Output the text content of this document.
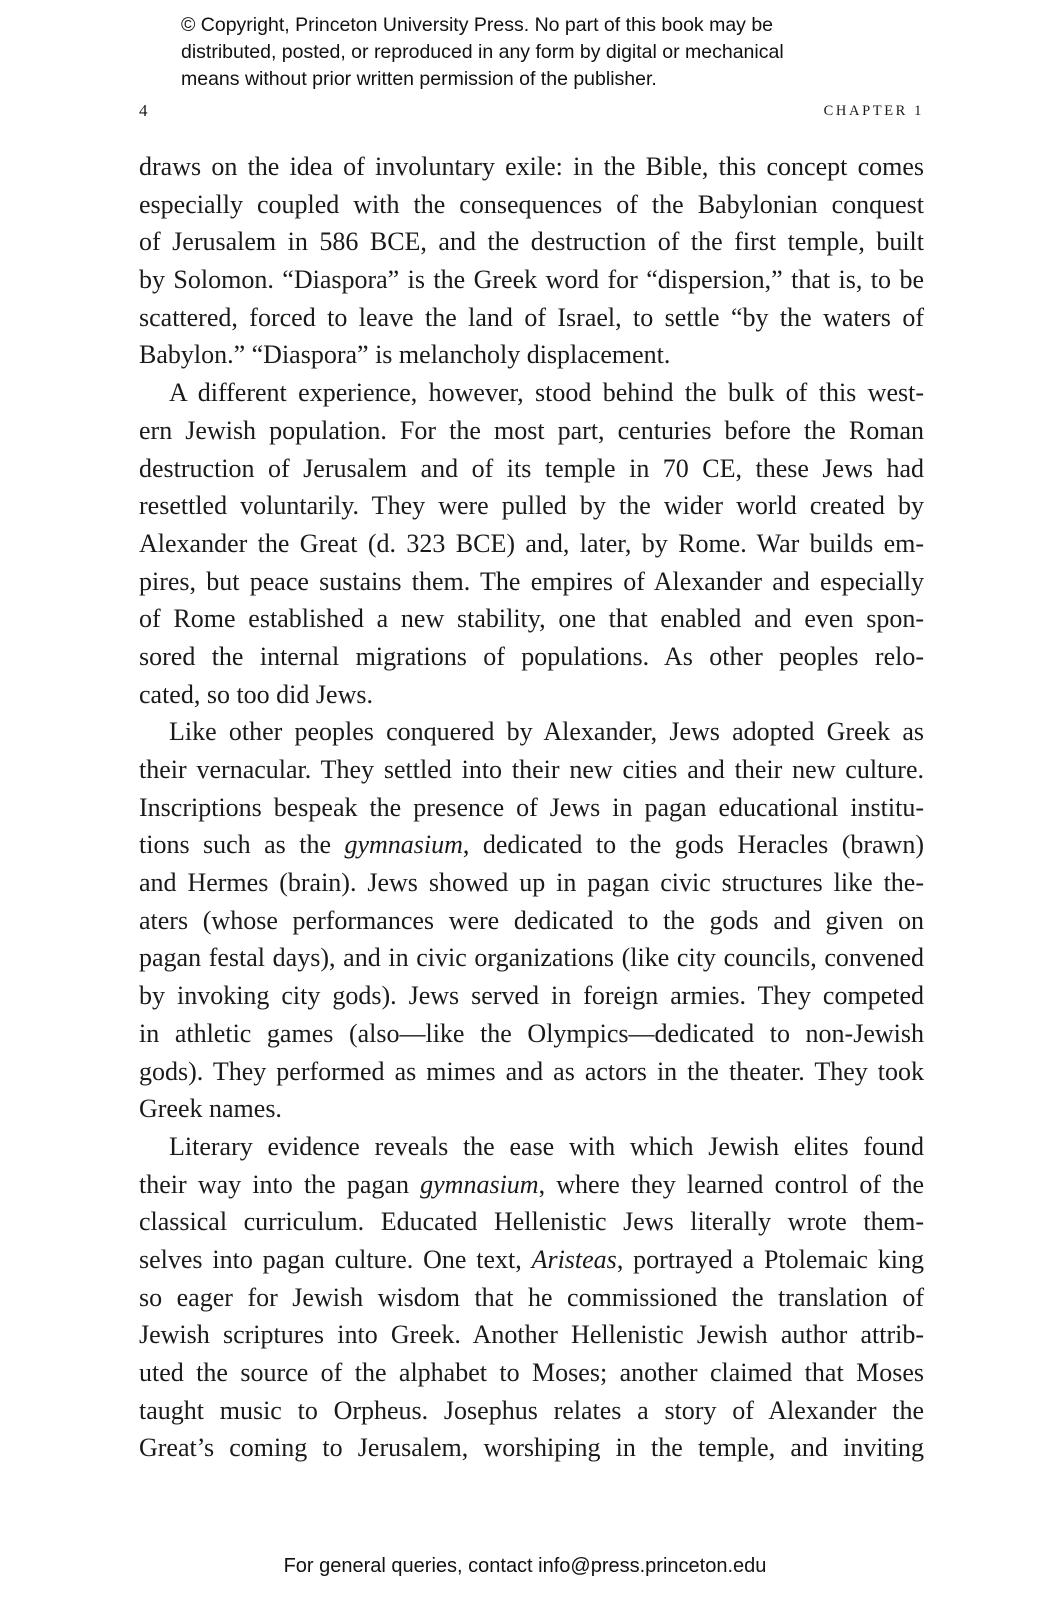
© Copyright, Princeton University Press. No part of this book may be
distributed, posted, or reproduced in any form by digital or mechanical
means without prior written permission of the publisher.
4	CHAPTER 1
draws on the idea of involuntary exile: in the Bible, this concept comes
especially coupled with the consequences of the Babylonian conquest
of Jerusalem in 586 BCE, and the destruction of the first temple, built
by Solomon. “Diaspora” is the Greek word for “dispersion,” that is, to be
scattered, forced to leave the land of Israel, to settle “by the waters of
Babylon.” “Diaspora” is melancholy displacement.
A different experience, however, stood behind the bulk of this west-
ern Jewish population. For the most part, centuries before the Roman
destruction of Jerusalem and of its temple in 70 CE, these Jews had
resettled voluntarily. They were pulled by the wider world created by
Alexander the Great (d. 323 BCE) and, later, by Rome. War builds em-
pires, but peace sustains them. The empires of Alexander and especially
of Rome established a new stability, one that enabled and even spon-
sored the internal migrations of populations. As other peoples relo-
cated, so too did Jews.
Like other peoples conquered by Alexander, Jews adopted Greek as
their vernacular. They settled into their new cities and their new culture.
Inscriptions bespeak the presence of Jews in pagan educational institu-
tions such as the gymnasium, dedicated to the gods Heracles (brawn)
and Hermes (brain). Jews showed up in pagan civic structures like the-
aters (whose performances were dedicated to the gods and given on
pagan festal days), and in civic organizations (like city councils, convened
by invoking city gods). Jews served in foreign armies. They competed
in athletic games (also—like the Olympics—dedicated to non-Jewish
gods). They performed as mimes and as actors in the theater. They took
Greek names.
Literary evidence reveals the ease with which Jewish elites found
their way into the pagan gymnasium, where they learned control of the
classical curriculum. Educated Hellenistic Jews literally wrote them-
selves into pagan culture. One text, Aristeas, portrayed a Ptolemaic king
so eager for Jewish wisdom that he commissioned the translation of
Jewish scriptures into Greek. Another Hellenistic Jewish author attrib-
uted the source of the alphabet to Moses; another claimed that Moses
taught music to Orpheus. Josephus relates a story of Alexander the
Great’s coming to Jerusalem, worshiping in the temple, and inviting
For general queries, contact info@press.princeton.edu
